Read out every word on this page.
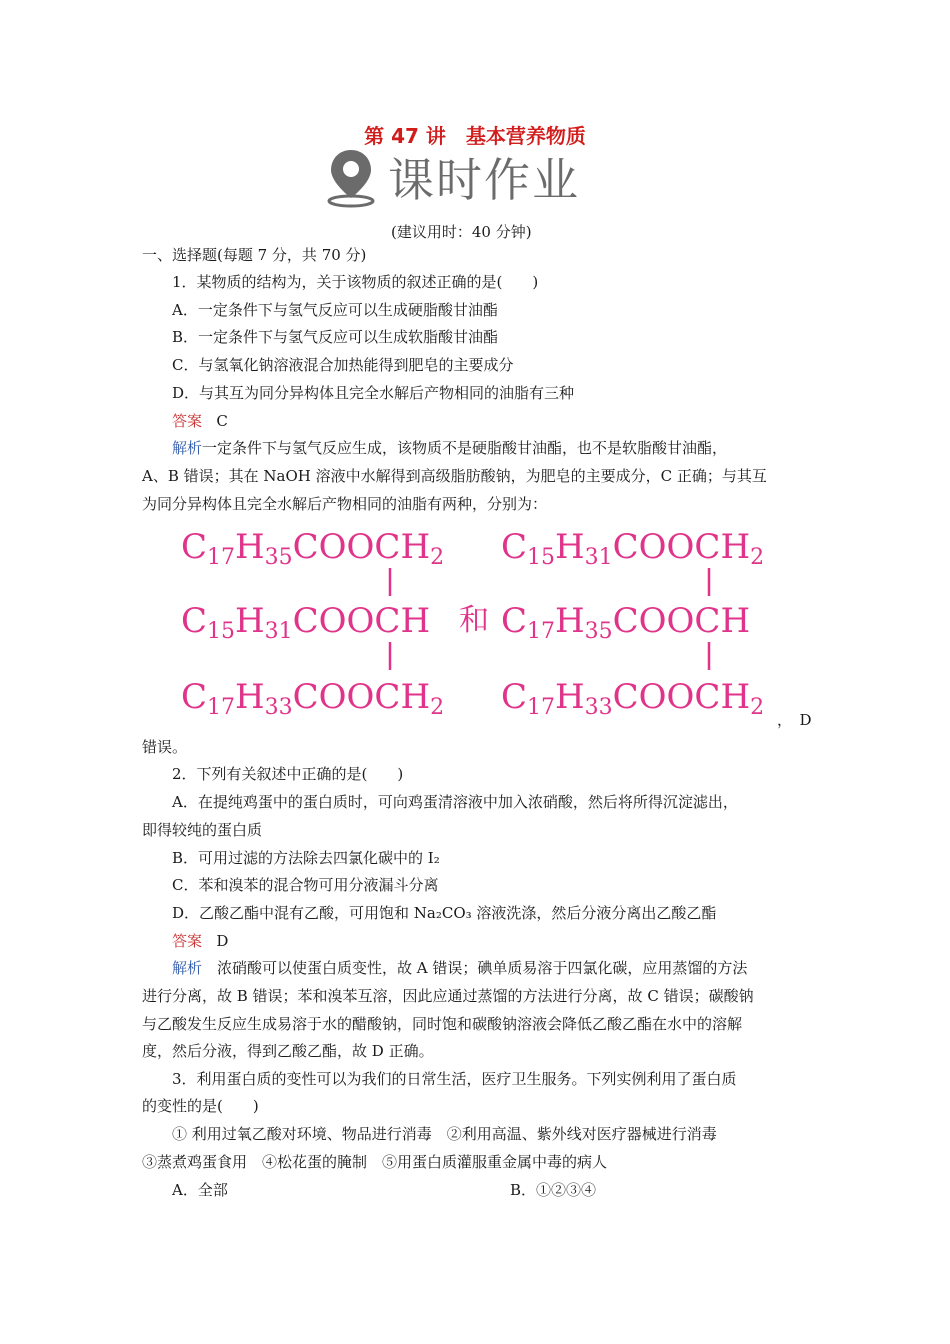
第 47 讲　基本营养物质
课时作业
(建议用时：40 分钟)
一、选择题(每题 7 分，共 70 分)
1．某物质的结构为，关于该物质的叙述正确的是(　　)
A．一定条件下与氢气反应可以生成硬脂酸甘油酯
B．一定条件下与氢气反应可以生成软脂酸甘油酯
C．与氢氧化钠溶液混合加热能得到肥皂的主要成分
D．与其互为同分异构体且完全水解后产物相同的油脂有三种
答案 C
解析一定条件下与氢气反应生成，该物质不是硬脂酸甘油酯，也不是软脂酸甘油酯，
A、B 错误；其在 NaOH 溶液中水解得到高级脂肪酸钠，为肥皂的主要成分，C 正确；与其互
为同分异构体且完全水解后产物相同的油脂有两种，分别为：
C17H35COOCH2
C15H31COOCH
C17H33COOCH2
和
C15H31COOCH2
C17H35COOCH
C17H33COOCH2 ，　D
错误。
2．下列有关叙述中正确的是(　　)
A．在提纯鸡蛋中的蛋白质时，可向鸡蛋清溶液中加入浓硝酸，然后将所得沉淀滤出，
即得较纯的蛋白质
B．可用过滤的方法除去四氯化碳中的 I₂
C．苯和溴苯的混合物可用分液漏斗分离
D．乙酸乙酯中混有乙酸，可用饱和 Na₂CO₃ 溶液洗涤，然后分液分离出乙酸乙酯
答案 D
解析　浓硝酸可以使蛋白质变性，故 A 错误；碘单质易溶于四氯化碳，应用蒸馏的方法
进行分离，故 B 错误；苯和溴苯互溶，因此应通过蒸馏的方法进行分离，故 C 错误；碳酸钠
与乙酸发生反应生成易溶于水的醋酸钠，同时饱和碳酸钠溶液会降低乙酸乙酯在水中的溶解
度，然后分液，得到乙酸乙酯，故 D 正确。
3．利用蛋白质的变性可以为我们的日常生活，医疗卫生服务。下列实例利用了蛋白质
的变性的是(　　)
① 利用过氧乙酸对环境、物品进行消毒　②利用高温、紫外线对医疗器械进行消毒
③蒸煮鸡蛋食用　④松花蛋的腌制　⑤用蛋白质灌服重金属中毒的病人
A．全部	B．①②③④
